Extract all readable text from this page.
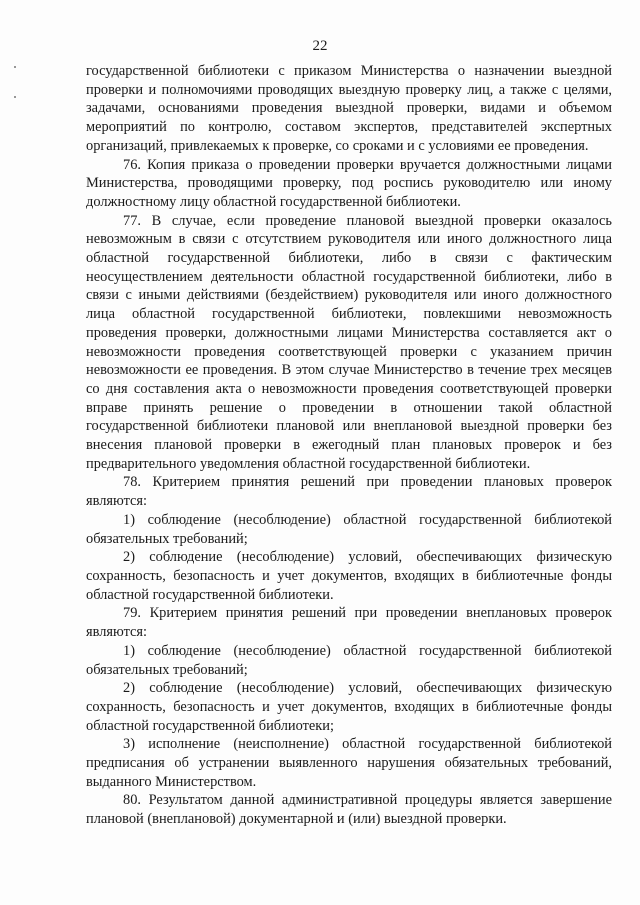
22

государственной библиотеки с приказом Министерства о назначении выездной проверки и полномочиями проводящих выездную проверку лиц, а также с целями, задачами, основаниями проведения выездной проверки, видами и объемом мероприятий по контролю, составом экспертов, представителей экспертных организаций, привлекаемых к проверке, со сроками и с условиями ее проведения.

76. Копия приказа о проведении проверки вручается должностными лицами Министерства, проводящими проверку, под роспись руководителю или иному должностному лицу областной государственной библиотеки.

77. В случае, если проведение плановой выездной проверки оказалось невозможным в связи с отсутствием руководителя или иного должностного лица областной государственной библиотеки, либо в связи с фактическим неосуществлением деятельности областной государственной библиотеки, либо в связи с иными действиями (бездействием) руководителя или иного должностного лица областной государственной библиотеки, повлекшими невозможность проведения проверки, должностными лицами Министерства составляется акт о невозможности проведения соответствующей проверки с указанием причин невозможности ее проведения. В этом случае Министерство в течение трех месяцев со дня составления акта о невозможности проведения соответствующей проверки вправе принять решение о проведении в отношении такой областной государственной библиотеки плановой или внеплановой выездной проверки без внесения плановой проверки в ежегодный план плановых проверок и без предварительного уведомления областной государственной библиотеки.

78. Критерием принятия решений при проведении плановых проверок являются:

1) соблюдение (несоблюдение) областной государственной библиотекой обязательных требований;

2) соблюдение (несоблюдение) условий, обеспечивающих физическую сохранность, безопасность и учет документов, входящих в библиотечные фонды областной государственной библиотеки.

79. Критерием принятия решений при проведении внеплановых проверок являются:

1) соблюдение (несоблюдение) областной государственной библиотекой обязательных требований;

2) соблюдение (несоблюдение) условий, обеспечивающих физическую сохранность, безопасность и учет документов, входящих в библиотечные фонды областной государственной библиотеки;

3) исполнение (неисполнение) областной государственной библиотекой предписания об устранении выявленного нарушения обязательных требований, выданного Министерством.

80. Результатом данной административной процедуры является завершение плановой (внеплановой) документарной и (или) выездной проверки.
